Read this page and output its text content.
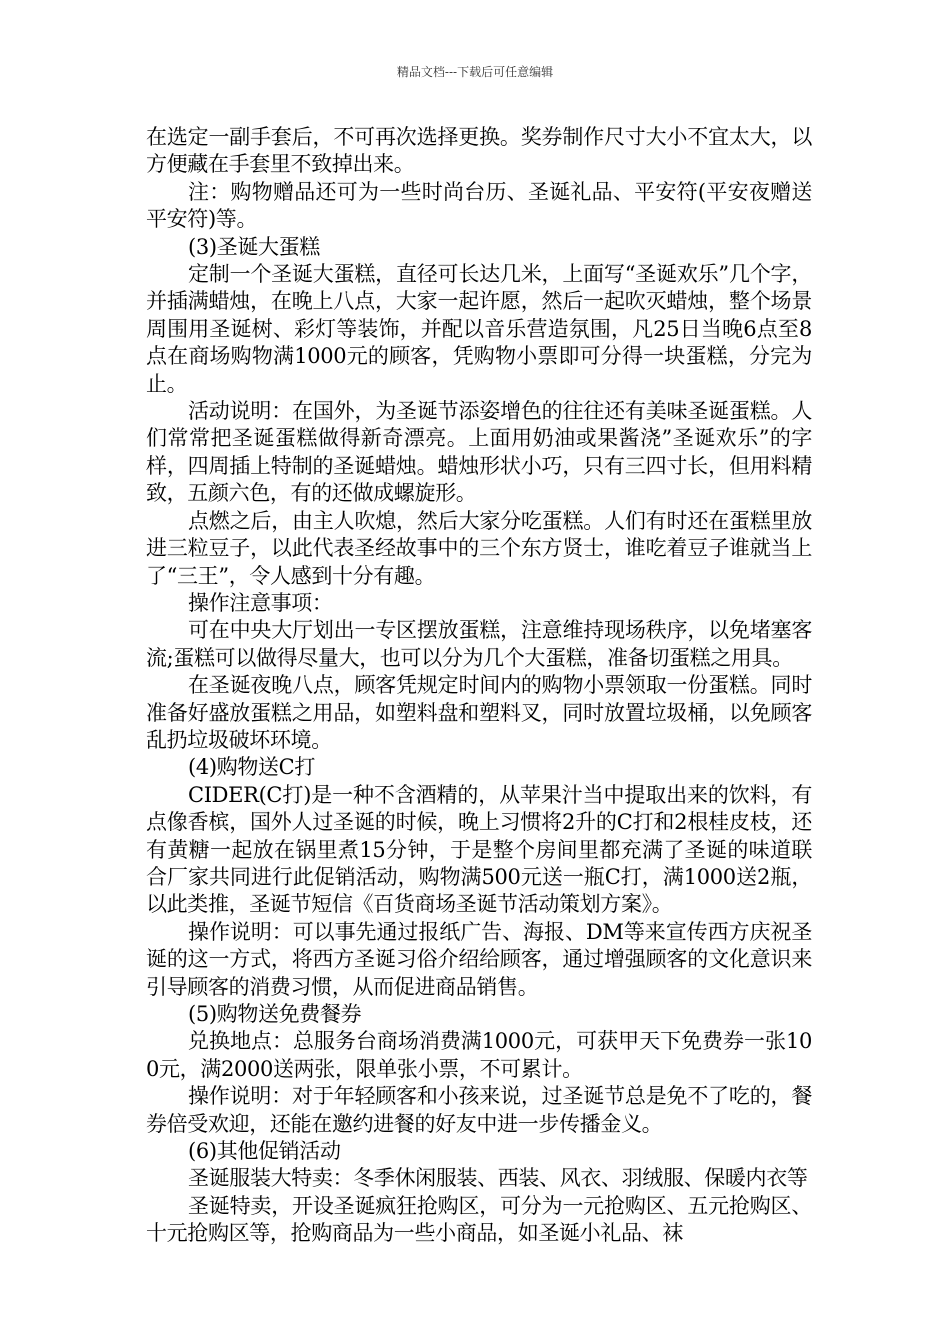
精品文档---下载后可任意编辑

在选定一副手套后，不可再次选择更换。奖券制作尺寸大小不宜太大，以方便藏在手套里不致掉出来。

注：购物赠品还可为一些时尚台历、圣诞礼品、平安符(平安夜赠送平安符)等。

(3)圣诞大蛋糕

定制一个圣诞大蛋糕，直径可长达几米，上面写“圣诞欢乐”几个字，并插满蜡烛，在晚上八点，大家一起许愿，然后一起吹灭蜡烛，整个场景周围用圣诞树、彩灯等装饰，并配以音乐营造氛围，凡25日当晚6点至8点在商场购物满1000元的顾客，凭购物小票即可分得一块蛋糕，分完为止。

活动说明：在国外，为圣诞节添姿增色的往往还有美味圣诞蛋糕。人们常常把圣诞蛋糕做得新奇漂亮。上面用奶油或果酱浇”圣诞欢乐”的字样，四周插上特制的圣诞蜡烛。蜡烛形状小巧，只有三四寸长，但用料精致，五颜六色，有的还做成螺旋形。

点燃之后，由主人吹熄，然后大家分吃蛋糕。人们有时还在蛋糕里放进三粒豆子，以此代表圣经故事中的三个东方贤士，谁吃着豆子谁就当上了“三王”，令人感到十分有趣。

操作注意事项：

可在中央大厅划出一专区摆放蛋糕，注意维持现场秩序，以免堵塞客流;蛋糕可以做得尽量大，也可以分为几个大蛋糕，准备切蛋糕之用具。

在圣诞夜晚八点，顾客凭规定时间内的购物小票领取一份蛋糕。同时准备好盛放蛋糕之用品，如塑料盘和塑料叉，同时放置垃圾桶，以免顾客乱扔垃圾破坏环境。

(4)购物送C打

CIDER(C打)是一种不含酒精的，从苹果汁当中提取出来的饮料，有点像香槟，国外人过圣诞的时候，晚上习惯将2升的C打和2根桂皮枝，还有黄糖一起放在锅里煮15分钟，于是整个房间里都充满了圣诞的味道联合厂家共同进行此促销活动，购物满500元送一瓶C打，满1000送2瓶，以此类推，圣诞节短信《百货商场圣诞节活动策划方案》。

操作说明：可以事先通过报纸广告、海报、DM等来宣传西方庆祝圣诞的这一方式，将西方圣诞习俗介绍给顾客，通过增强顾客的文化意识来引导顾客的消费习惯，从而促进商品销售。

(5)购物送免费餐券

兑换地点：总服务台商场消费满1000元，可获甲天下免费券一张100元，满2000送两张，限单张小票，不可累计。

操作说明：对于年轻顾客和小孩来说，过圣诞节总是免不了吃的，餐券倍受欢迎，还能在邀约进餐的好友中进一步传播金义。

(6)其他促销活动

圣诞服装大特卖：冬季休闲服装、西装、风衣、羽绒服、保暖内衣等

圣诞特卖，开设圣诞疯狂抢购区，可分为一元抢购区、五元抢购区、十元抢购区等，抢购商品为一些小商品，如圣诞小礼品、袜
